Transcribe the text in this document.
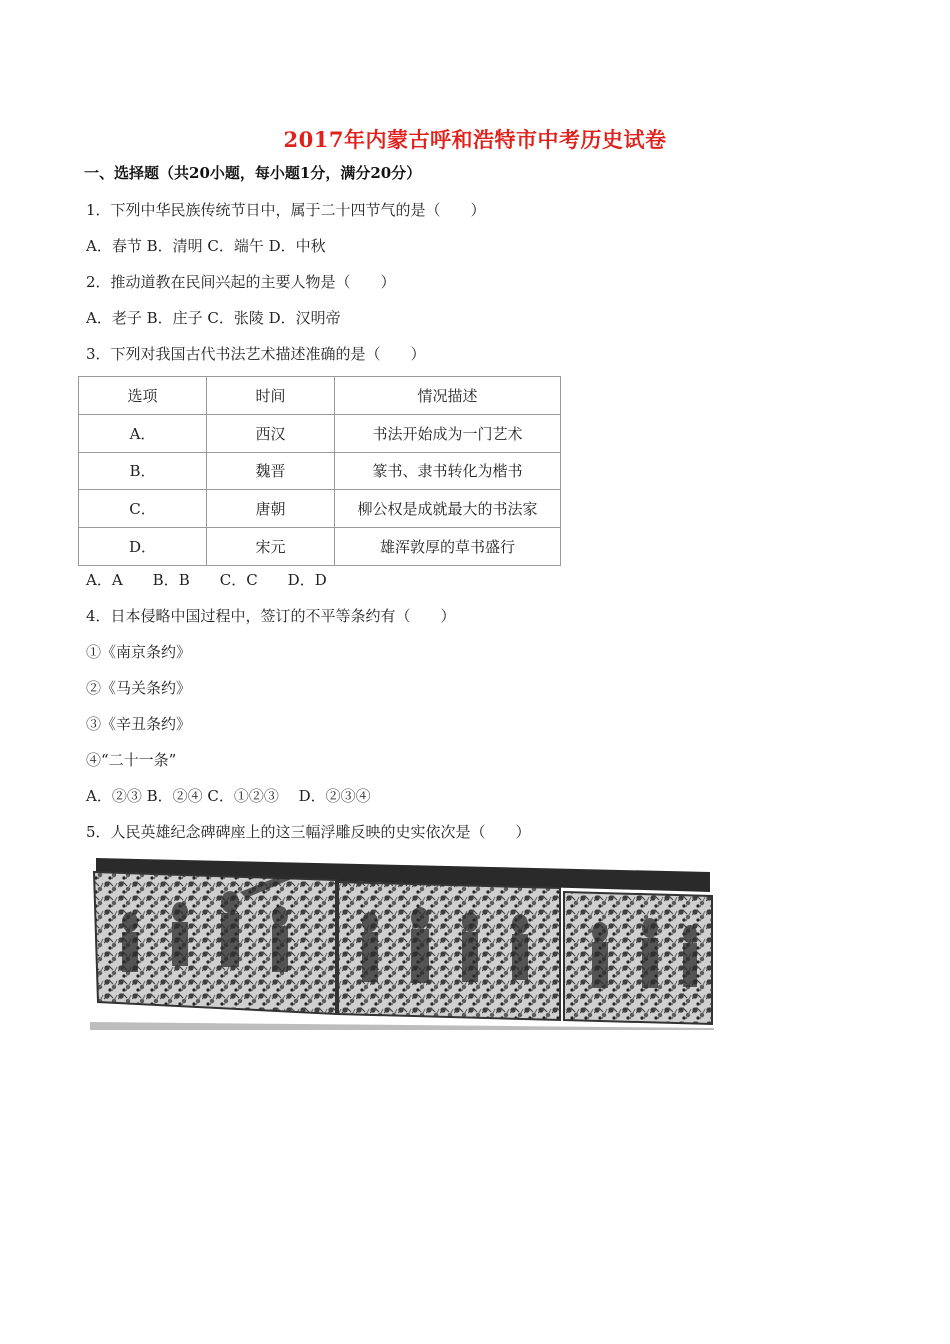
2017年内蒙古呼和浩特市中考历史试卷
一、选择题（共20小题，每小题1分，满分20分）
1．下列中华民族传统节日中，属于二十四节气的是（　　）
A．春节 B．清明 C．端午 D．中秋
2．推动道教在民间兴起的主要人物是（　　）
A．老子 B．庄子 C．张陵 D．汉明帝
3．下列对我国古代书法艺术描述准确的是（　　）
选项	时间	情况描述
A．	西汉	书法开始成为一门艺术
B．	魏晋	篆书、隶书转化为楷书
C．	唐朝	柳公权是成就最大的书法家
D．	宋元	雄浑敦厚的草书盛行
A．A　　B．B　　C．C　　D．D
4．日本侵略中国过程中，签订的不平等条约有（　　）
①《南京条约》
②《马关条约》
③《辛丑条约》
④“二十一条”
A．②③ B．②④ C．①②③　 D．②③④
5．人民英雄纪念碑碑座上的这三幅浮雕反映的史实依次是（　　）
